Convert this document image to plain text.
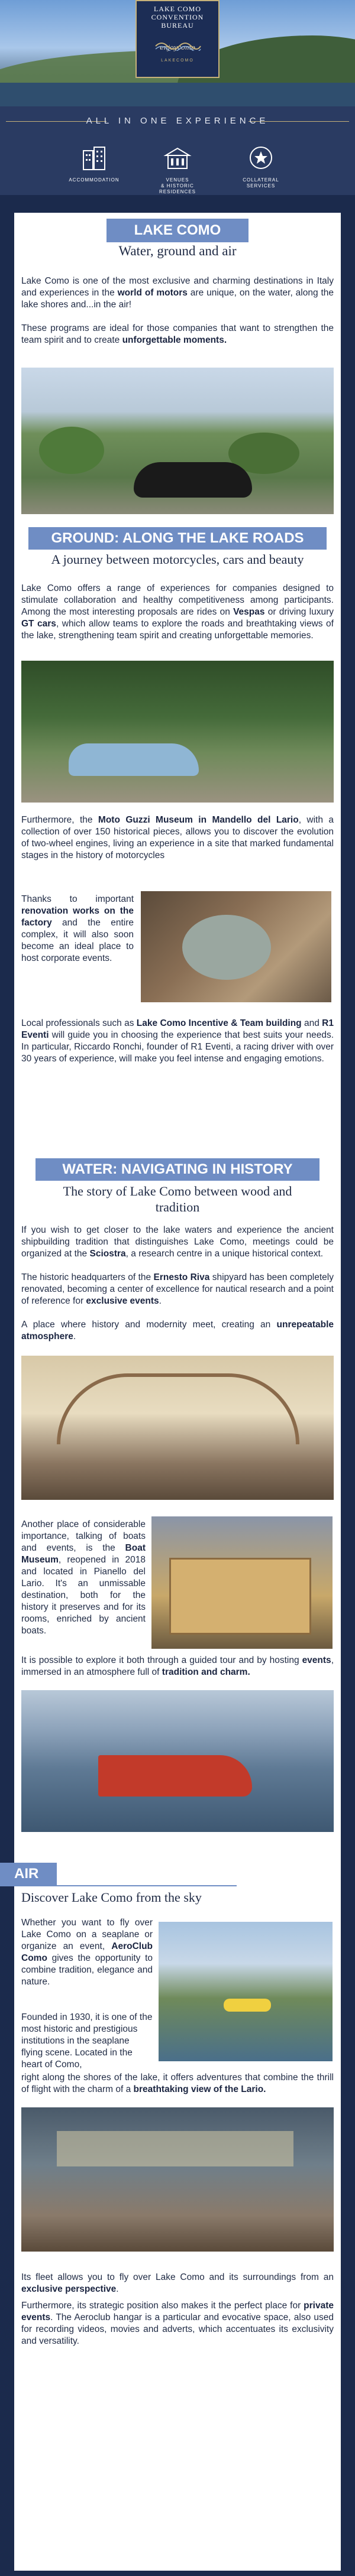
LAKE COMO
CONVENTION
BUREAU
enjoycomo
LAKECOMO
ALL IN ONE EXPERIENCE
ACCOMMODATION	VENUES
& HISTORIC
RESIDENCES
COLLATERAL
SERVICES
LAKE COMO
Water, ground and air

Lake Como is one of the most exclusive and charming destinations in Italy and experiences in the world of motors are unique, on the water, along the lake shores and...in the air!

These programs are ideal for those companies that want to strengthen the team spirit and to create unforgettable moments.

GROUND: ALONG THE LAKE ROADS
A journey between motorcycles, cars and beauty

Lake Como offers a range of experiences for companies designed to stimulate collaboration and healthy competitiveness among participants. Among the most interesting proposals are rides on Vespas or driving luxury GT cars, which allow teams to explore the roads and breathtaking views of the lake, strengthening team spirit and creating unforgettable memories.

Furthermore, the Moto Guzzi Museum in Mandello del Lario, with a collection of over 150 historical pieces, allows you to discover the evolution of two-wheel engines, living an experience in a site that marked fundamental stages in the history of motorcycles

Thanks to important renovation works on the factory and the entire complex, it will also soon become an ideal place to host corporate events.

Local professionals such as Lake Como Incentive & Team building and R1 Eventi will guide you in choosing the experience that best suits your needs. In particular, Riccardo Ronchi, founder of R1 Eventi, a racing driver with over 30 years of experience, will make you feel intense and engaging emotions.

WATER: NAVIGATING IN HISTORY
The story of Lake Como between wood and
tradition

If you wish to get closer to the lake waters and experience the ancient shipbuilding tradition that distinguishes Lake Como, meetings could be organized at the Sciostra, a research centre in a unique historical context.

The historic headquarters of the Ernesto Riva shipyard has been completely renovated, becoming a center of excellence for nautical research and a point of reference for exclusive events.

A place where history and modernity meet, creating an unrepeatable atmosphere.

Another place of considerable importance, talking of boats and events, is the Boat Museum, reopened in 2018 and located in Pianello del Lario. It's an unmissable destination, both for the history it preserves and for its rooms, enriched by ancient boats.

It is possible to explore it both through a guided tour and by hosting events, immersed in an atmosphere full of tradition and charm.

AIR
Discover Lake Como from the sky

Whether you want to fly over Lake Como on a seaplane or organize an event, AeroClub Como gives the opportunity to combine tradition, elegance and nature.

Founded in 1930, it is one of the most historic and prestigious institutions in the seaplane flying scene. Located in the heart of Como,

right along the shores of the lake, it offers adventures that combine the thrill of flight with the charm of a breathtaking view of the Lario.

Its fleet allows you to fly over Lake Como and its surroundings from an exclusive perspective.

Furthermore, its strategic position also makes it the perfect place for private events. The Aeroclub hangar is a particular and evocative space, also used for recording videos, movies and adverts, which accentuates its exclusivity and versatility.
